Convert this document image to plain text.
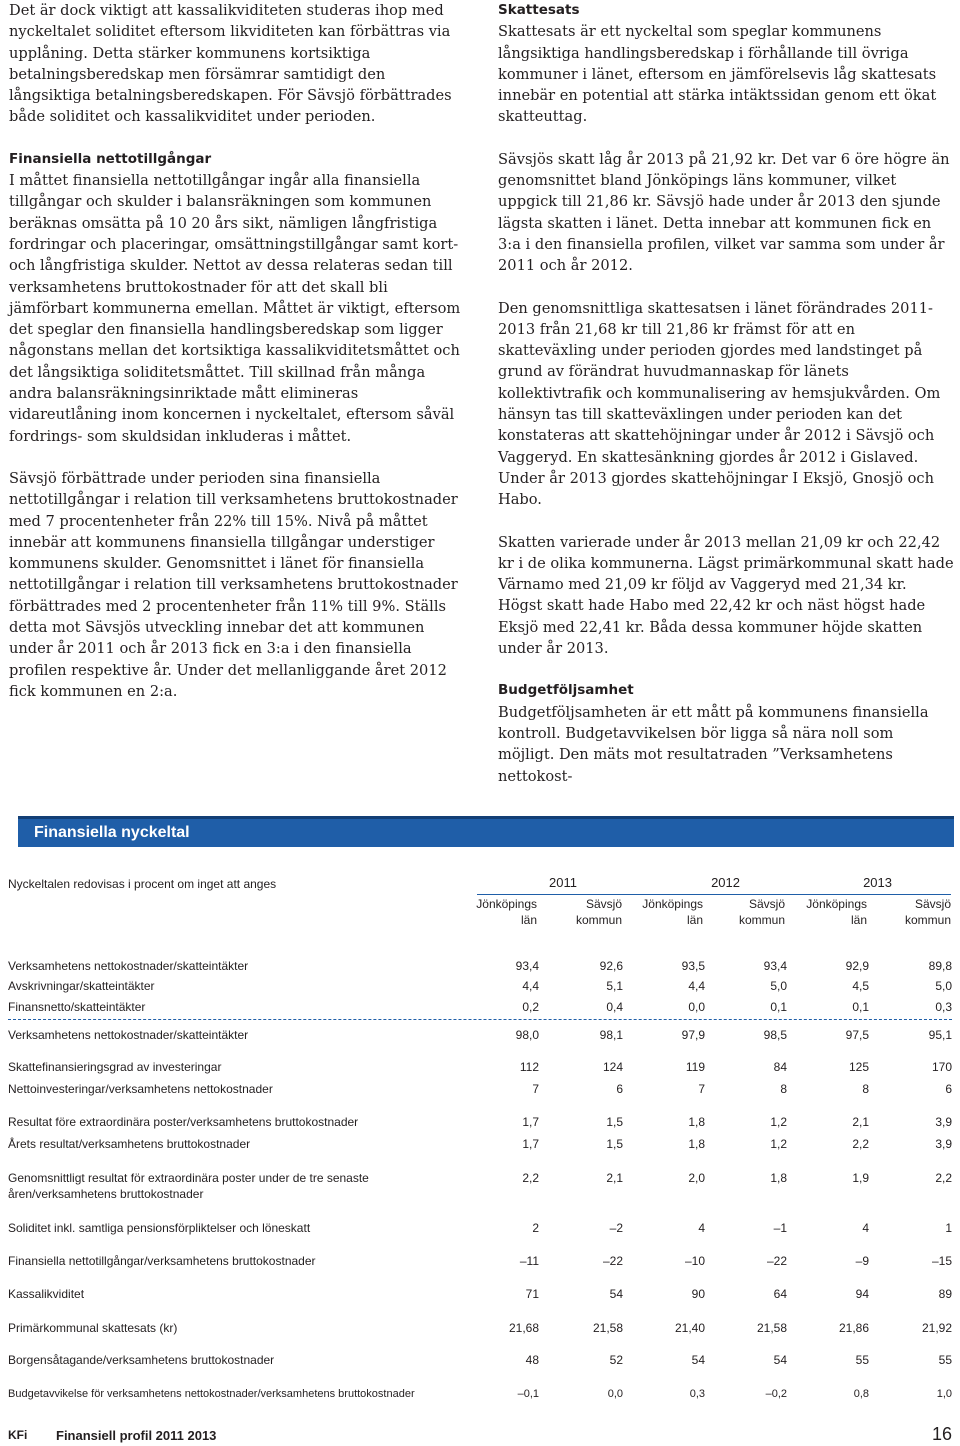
Det är dock viktigt att kassalikviditeten studeras ihop med nyckeltalet soliditet eftersom likviditeten kan förbättras via upplåning. Detta stärker kommunens kortsiktiga betalningsberedskap men försämrar samtidigt den långsiktiga betalningsberedskapen. För Sävsjö förbättrades både soliditet och kassalikviditet under perioden.

Finansiella nettotillgångar

I måttet finansiella nettotillgångar ingår alla finansiella tillgångar och skulder i balansräkningen som kommunen beräknas omsätta på 10 20 års sikt, nämligen långfristiga fordringar och placeringar, omsättningstillgångar samt kort- och långfristiga skulder. Nettot av dessa relateras sedan till verksamhetens bruttokostnader för att det skall bli jämförbart kommunerna emellan. Måttet är viktigt, eftersom det speglar den finansiella handlingsberedskap som ligger någonstans mellan det kortsiktiga kassalikviditetsmåttet och det långsiktiga soliditetsmåttet. Till skillnad från många andra balansräkningsinriktade mått elimineras vidareutlåning inom koncernen i nyckeltalet, eftersom såväl fordrings- som skuldsidan inkluderas i måttet.

Sävsjö förbättrade under perioden sina finansiella nettotillgångar i relation till verksamhetens bruttokostnader med 7 procentenheter från 22% till 15%. Nivå på måttet innebär att kommunens finansiella tillgångar understiger kommunens skulder. Genomsnittet i länet för finansiella nettotillgångar i relation till verksamhetens bruttokostnader förbättrades med 2 procentenheter från 11% till 9%. Ställs detta mot Sävsjös utveckling innebar det att kommunen under år 2011 och år 2013 fick en 3:a i den finansiella profilen respektive år. Under det mellanliggande året 2012 fick kommunen en 2:a.

Skattesats

Skattesats är ett nyckeltal som speglar kommunens långsiktiga handlingsberedskap i förhållande till övriga kommuner i länet, eftersom en jämförelsevis låg skattesats innebär en potential att stärka intäktssidan genom ett ökat skatteuttag.

Sävsjös skatt låg år 2013 på 21,92 kr. Det var 6 öre högre än genomsnittet bland Jönköpings läns kommuner, vilket uppgick till 21,86 kr. Sävsjö hade under år 2013 den sjunde lägsta skatten i länet. Detta innebar att kommunen fick en 3:a i den finansiella profilen, vilket var samma som under år 2011 och år 2012.

Den genomsnittliga skattesatsen i länet förändrades 2011-2013 från 21,68 kr till 21,86 kr främst för att en skatteväxling under perioden gjordes med landstinget på grund av förändrat huvudmannaskap för länets kollektivtrafik och kommunalisering av hemsjukvården. Om hänsyn tas till skatteväxlingen under perioden kan det konstateras att skattehöjningar under år 2012 i Sävsjö och Vaggeryd. En skattesänkning gjordes år 2012 i Gislaved. Under år 2013 gjordes skattehöjningar I Eksjö, Gnosjö och Habo.

Skatten varierade under år 2013 mellan 21,09 kr och 22,42 kr i de olika kommunerna. Lägst primärkommunal skatt hade Värnamo med 21,09 kr följd av Vaggeryd med 21,34 kr. Högst skatt hade Habo med 22,42 kr och näst högst hade Eksjö med 22,41 kr. Båda dessa kommuner höjde skatten under år 2013.

Budgetföljsamhet

Budgetföljsamheten är ett mått på kommunens finansiella kontroll. Budgetavvikelsen bör ligga så nära noll som möjligt. Den mäts mot resultatraden ”Verksamhetens nettokost-

Finansiella nyckeltal
Nyckeltalen redovisas i procent om inget att anges	2011	2012	2013
Jönköpings
län
Sävsjö
kommun
Jönköpings
län
Sävsjö
kommun
Jönköpings
län
Sävsjö
kommun
Verksamhetens nettokostnader/skatteintäkter	93,4	92,6	93,5	93,4	92,9	89,8
Avskrivningar/skatteintäkter	4,4	5,1	4,4	5,0	4,5	5,0
Finansnetto/skatteintäkter	0,2	0,4	0,0	0,1	0,1	0,3
Verksamhetens nettokostnader/skatteintäkter	98,0	98,1	97,9	98,5	97,5	95,1
Skattefinansieringsgrad av investeringar	112	124	119	84	125	170
Nettoinvesteringar/verksamhetens nettokostnader	7	6	7	8	8	6
Resultat före extraordinära poster/verksamhetens bruttokostnader	1,7	1,5	1,8	1,2	2,1	3,9
Årets resultat/verksamhetens bruttokostnader	1,7	1,5	1,8	1,2	2,2	3,9
Genomsnittligt resultat för extraordinära poster under de tre senaste
åren/verksamhetens bruttokostnader
2,2	2,1	2,0	1,8	1,9	2,2
Soliditet inkl. samtliga pensionsförpliktelser och löneskatt	2	–2	4	–1	4	1
Finansiella nettotillgångar/verksamhetens bruttokostnader	–11	–22	–10	–22	–9	–15
Kassalikviditet	71	54	90	64	94	89
Primärkommunal skattesats (kr)	21,68	21,58	21,40	21,58	21,86	21,92
Borgensåtagande/verksamhetens bruttokostnader	48	52	54	54	55	55
Budgetavvikelse för verksamhetens nettokostnader/verksamhetens bruttokostnader	–0,1	0,0	0,3	–0,2	0,8	1,0
KFi Finansiell profil 2011 2013	16
